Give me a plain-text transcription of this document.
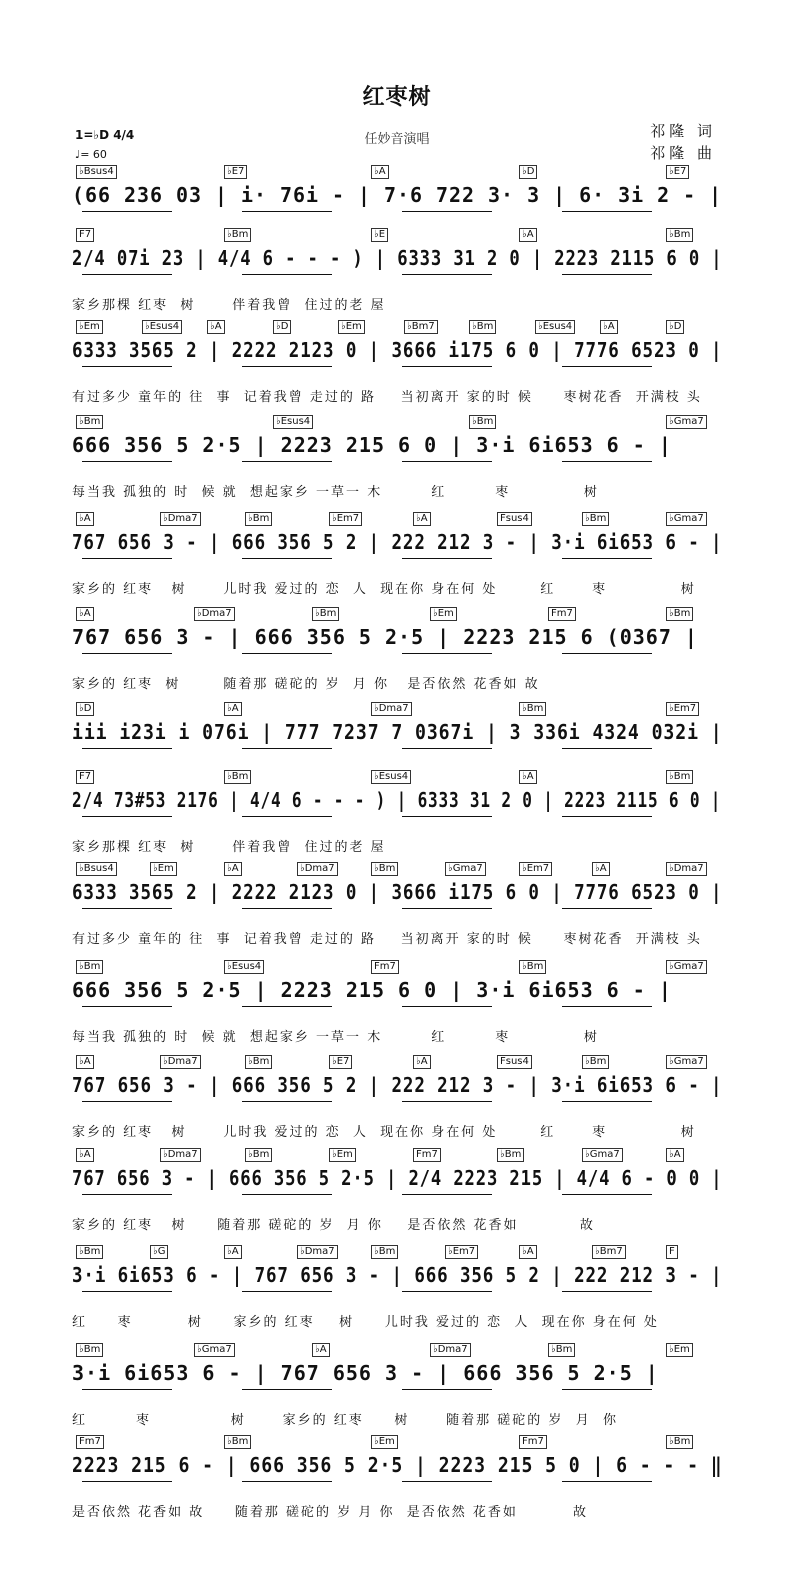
红枣树
1=♭D 4/4
♩= 60
任妙音演唱	祁隆 词
祁隆 曲
♭Bsus4	♭E7	♭A	♭D	♭E7
(66 236 03 | i· 76i - | 7·6 722 3· 3 | 6· 3i 2 - |
F7	♭Bm	♭E	♭A	♭Bm
2/4 07i 23 | 4/4 6 - - - ) | 6333 31 2 0 | 2223 2115 6 0 |
家乡那棵 红枣  树      伴着我曾  住过的老 屋
♭Em	♭Esus4	♭A	♭D	♭Em	♭Bm7	♭Bm	♭Esus4	♭A	♭D
6333 3565 2 | 2222 2123 0 | 3666 i175 6 0 | 7776 6523 0 |
有过多少 童年的 往  事  记着我曾 走过的 路    当初离开 家的时 候     枣树花香  开满枝 头
♭Bm	♭Esus4	♭Bm	♭Gma7
666 356 5 2·5 | 2223 215 6 0 | 3·i 6i653 6 - |
每当我 孤独的 时  候 就  想起家乡 一草一 木        红        枣            树
♭A	♭Dma7	♭Bm	♭Em7	♭A	Fsus4	♭Bm	♭Gma7
767 656 3 - | 666 356 5 2 | 222 212 3 - | 3·i 6i653 6 - |
家乡的 红枣   树      儿时我 爱过的 恋  人  现在你 身在何 处       红      枣            树
♭A	♭Dma7	♭Bm	♭Em	Fm7	♭Bm
767 656 3 - | 666 356 5 2·5 | 2223 215 6 (0367 |
家乡的 红枣  树       随着那 磋砣的 岁  月 你   是否依然 花香如 故
♭D	♭A	♭Dma7	♭Bm	♭Em7
iii i23i i 076i | 777 7237 7 0367i | 3 336i 4324 032i |
F7	♭Bm	♭Esus4	♭A	♭Bm
2/4 73#53 2176 | 4/4 6 - - - ) | 6333 31 2 0 | 2223 2115 6 0 |
家乡那棵 红枣  树      伴着我曾  住过的老 屋
♭Bsus4	♭Em	♭A	♭Dma7	♭Bm	♭Gma7	♭Em7	♭A	♭Dma7
6333 3565 2 | 2222 2123 0 | 3666 i175 6 0 | 7776 6523 0 |
有过多少 童年的 往  事  记着我曾 走过的 路    当初离开 家的时 候     枣树花香  开满枝 头
♭Bm	♭Esus4	Fm7	♭Bm	♭Gma7
666 356 5 2·5 | 2223 215 6 0 | 3·i 6i653 6 - |
每当我 孤独的 时  候 就  想起家乡 一草一 木        红        枣            树
♭A	♭Dma7	♭Bm	♭E7	♭A	Fsus4	♭Bm	♭Gma7
767 656 3 - | 666 356 5 2 | 222 212 3 - | 3·i 6i653 6 - |
家乡的 红枣   树      儿时我 爱过的 恋  人  现在你 身在何 处       红      枣            树
♭A	♭Dma7	♭Bm	♭Em	Fm7	♭Bm	♭Gma7	♭A
767 656 3 - | 666 356 5 2·5 | 2/4 2223 215 | 4/4 6 - 0 0 |
家乡的 红枣   树     随着那 磋砣的 岁  月 你    是否依然 花香如          故
♭Bm	♭G	♭A	♭Dma7	♭Bm	♭Em7	♭A	♭Bm7	F
3·i 6i653 6 - | 767 656 3 - | 666 356 5 2 | 222 212 3 - |
红     枣         树     家乡的 红枣    树     儿时我 爱过的 恋  人  现在你 身在何 处
♭Bm	♭Gma7	♭A	♭Dma7	♭Bm	♭Em
3·i 6i653 6 - | 767 656 3 - | 666 356 5 2·5 |
红        枣             树      家乡的 红枣     树      随着那 磋砣的 岁  月  你
Fm7	♭Bm	♭Em	Fm7	♭Bm
2223 215 6 - | 666 356 5 2·5 | 2223 215 5 0 | 6 - - - ‖
是否依然 花香如 故     随着那 磋砣的 岁 月 你  是否依然 花香如         故
